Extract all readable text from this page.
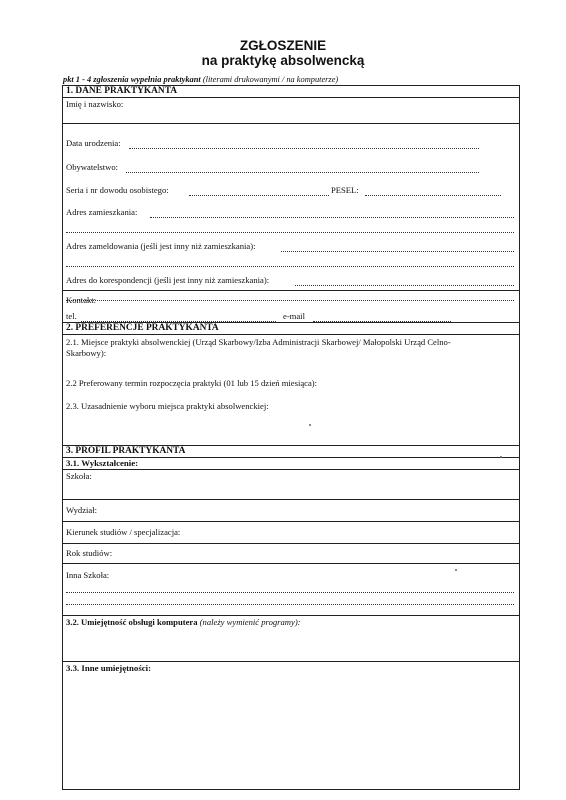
ZGŁOSZENIE
na praktykę absolwencką
pkt 1 - 4 zgłoszenia wypełnia praktykant (literami drukowanymi / na komputerze)
1. DANE PRAKTYKANTA
Imię i nazwisko:
Data urodzenia:
Obywatelstwo:
Seria i nr dowodu osobistego:	PESEL:
Adres zamieszkania:
Adres zameldowania (jeśli jest inny niż zamieszkania):
Adres do korespondencji (jeśli jest inny niż zamieszkania):
Kontakt:
tel.	e-mail
2. PREFERENCJE PRAKTYKANTA
2.1. Miejsce praktyki absolwenckiej (Urząd Skarbowy/Izba Administracji Skarbowej/ Małopolski Urząd Celno-
Skarbowy):
2.2 Preferowany termin rozpoczęcia praktyki (01 lub 15 dzień miesiąca):
2.3. Uzasadnienie wyboru miejsca praktyki absolwenckiej:
3. PROFIL PRAKTYKANTA
3.1. Wykształcenie:
Szkoła:
Wydział:
Kierunek studiów / specjalizacja:
Rok studiów:
Inna Szkoła:
3.2. Umiejętność obsługi komputera (należy wymienić programy):
3.3. Inne umiejętności:
